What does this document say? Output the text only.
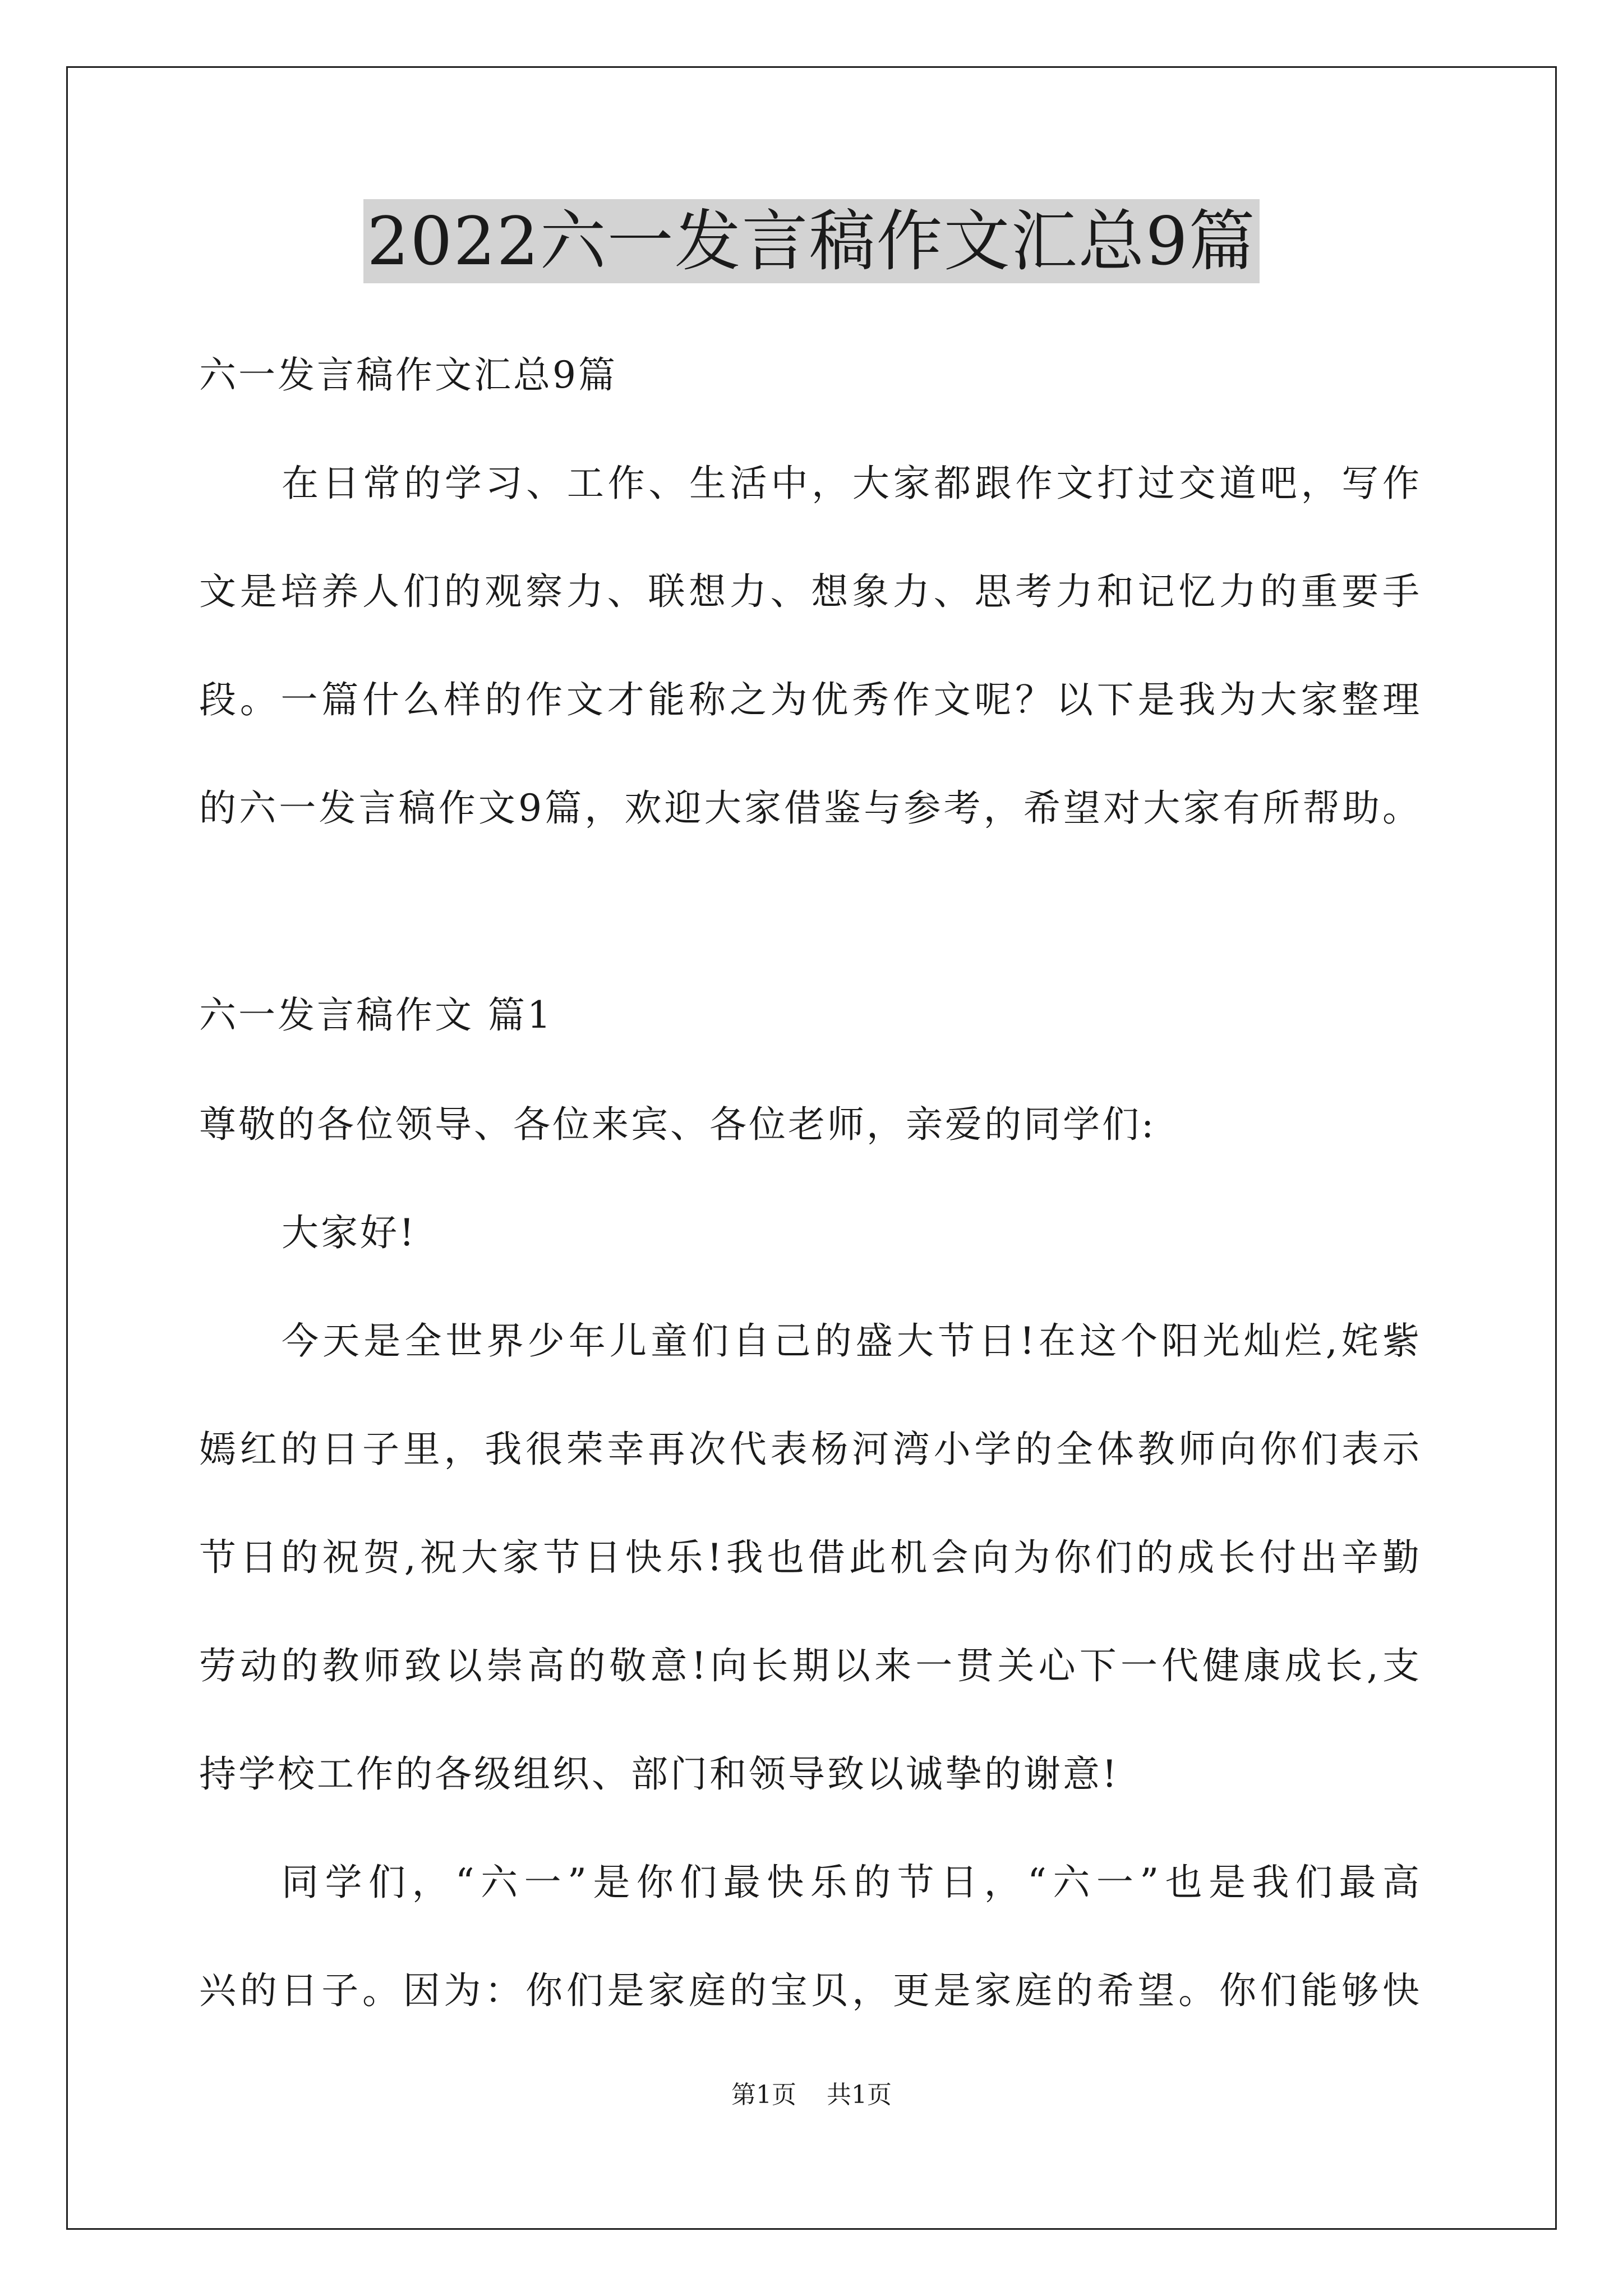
2022六一发言稿作文汇总9篇
六一发言稿作文汇总9篇
在日常的学习、工作、生活中，大家都跟作文打过交道吧，写作
文是培养人们的观察力、联想力、想象力、思考力和记忆力的重要手
段。一篇什么样的作文才能称之为优秀作文呢？以下是我为大家整理
的六一发言稿作文9篇，欢迎大家借鉴与参考，希望对大家有所帮助。
六一发言稿作文 篇1
尊敬的各位领导、各位来宾、各位老师，亲爱的同学们:
大家好!
今天是全世界少年儿童们自己的盛大节日!在这个阳光灿烂,姹紫
嫣红的日子里，我很荣幸再次代表杨河湾小学的全体教师向你们表示
节日的祝贺,祝大家节日快乐!我也借此机会向为你们的成长付出辛勤
劳动的教师致以崇高的敬意!向长期以来一贯关心下一代健康成长,支
持学校工作的各级组织、部门和领导致以诚挚的谢意!
同学们，“六一”是你们最快乐的节日，“六一”也是我们最高
兴的日子。因为：你们是家庭的宝贝，更是家庭的希望。你们能够快
第1页 共1页
